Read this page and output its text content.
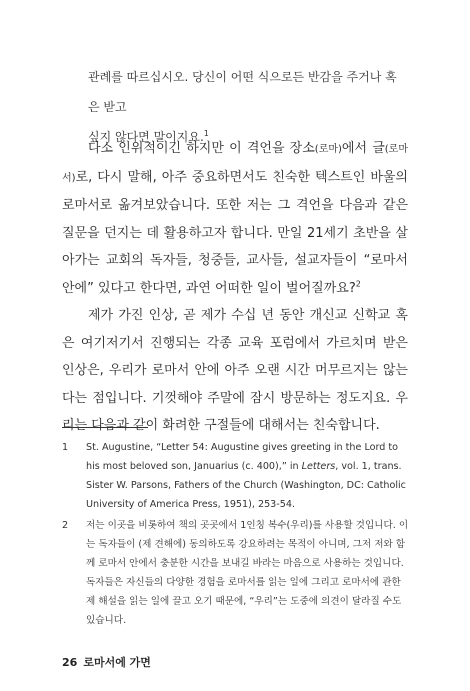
관례를 따르십시오. 당신이 어떤 식으로든 반감을 주거나 혹은 받고

싶지 않다면 말이지요.$^1$

다소 인위적이긴 하지만 이 격언을 장소(로마)에서 글(로마서)로, 다시 말해, 아주 중요하면서도 친숙한 텍스트인 바울의 로마서로 옮겨보았습니다. 또한 저는 그 격언을 다음과 같은 질문을 던지는 데 활용하고자 합니다. 만일 21세기 초반을 살아가는 교회의 독자들, 청중들, 교사들, 설교자들이 “로마서 안에” 있다고 한다면, 과연 어떠한 일이 벌어질까요?$^2$

제가 가진 인상, 곧 제가 수십 년 동안 개신교 신학교 혹은 여기저기서 진행되는 각종 교육 포럼에서 가르치며 받은 인상은, 우리가 로마서 안에 아주 오랜 시간 머무르지는 않는다는 점입니다. 기껏해야 주말에 잠시 방문하는 정도지요. 우리는 다음과 같이 화려한 구절들에 대해서는 친숙합니다.

1	St. Augustine, “Letter 54: Augustine gives greeting in the Lord to his most beloved son, Januarius (c. 400),” in Letters, vol. 1, trans. Sister W. Parsons, Fathers of the Church (Washington, DC: Catholic University of America Press, 1951), 253-54.
2	저는 이곳을 비롯하여 책의 곳곳에서 1인칭 복수(우리)를 사용할 것입니다. 이는 독자들이 (제 견해에) 동의하도록 강요하려는 목적이 아니며, 그저 저와 함께 로마서 안에서 충분한 시간을 보내길 바라는 마음으로 사용하는 것입니다. 독자들은 자신들의 다양한 경험을 로마서를 읽는 일에 그리고 로마서에 관한 제 해설을 읽는 일에 끌고 오기 때문에, “우리”는 도중에 의견이 달라질 수도 있습니다.
26 로마서에 가면
